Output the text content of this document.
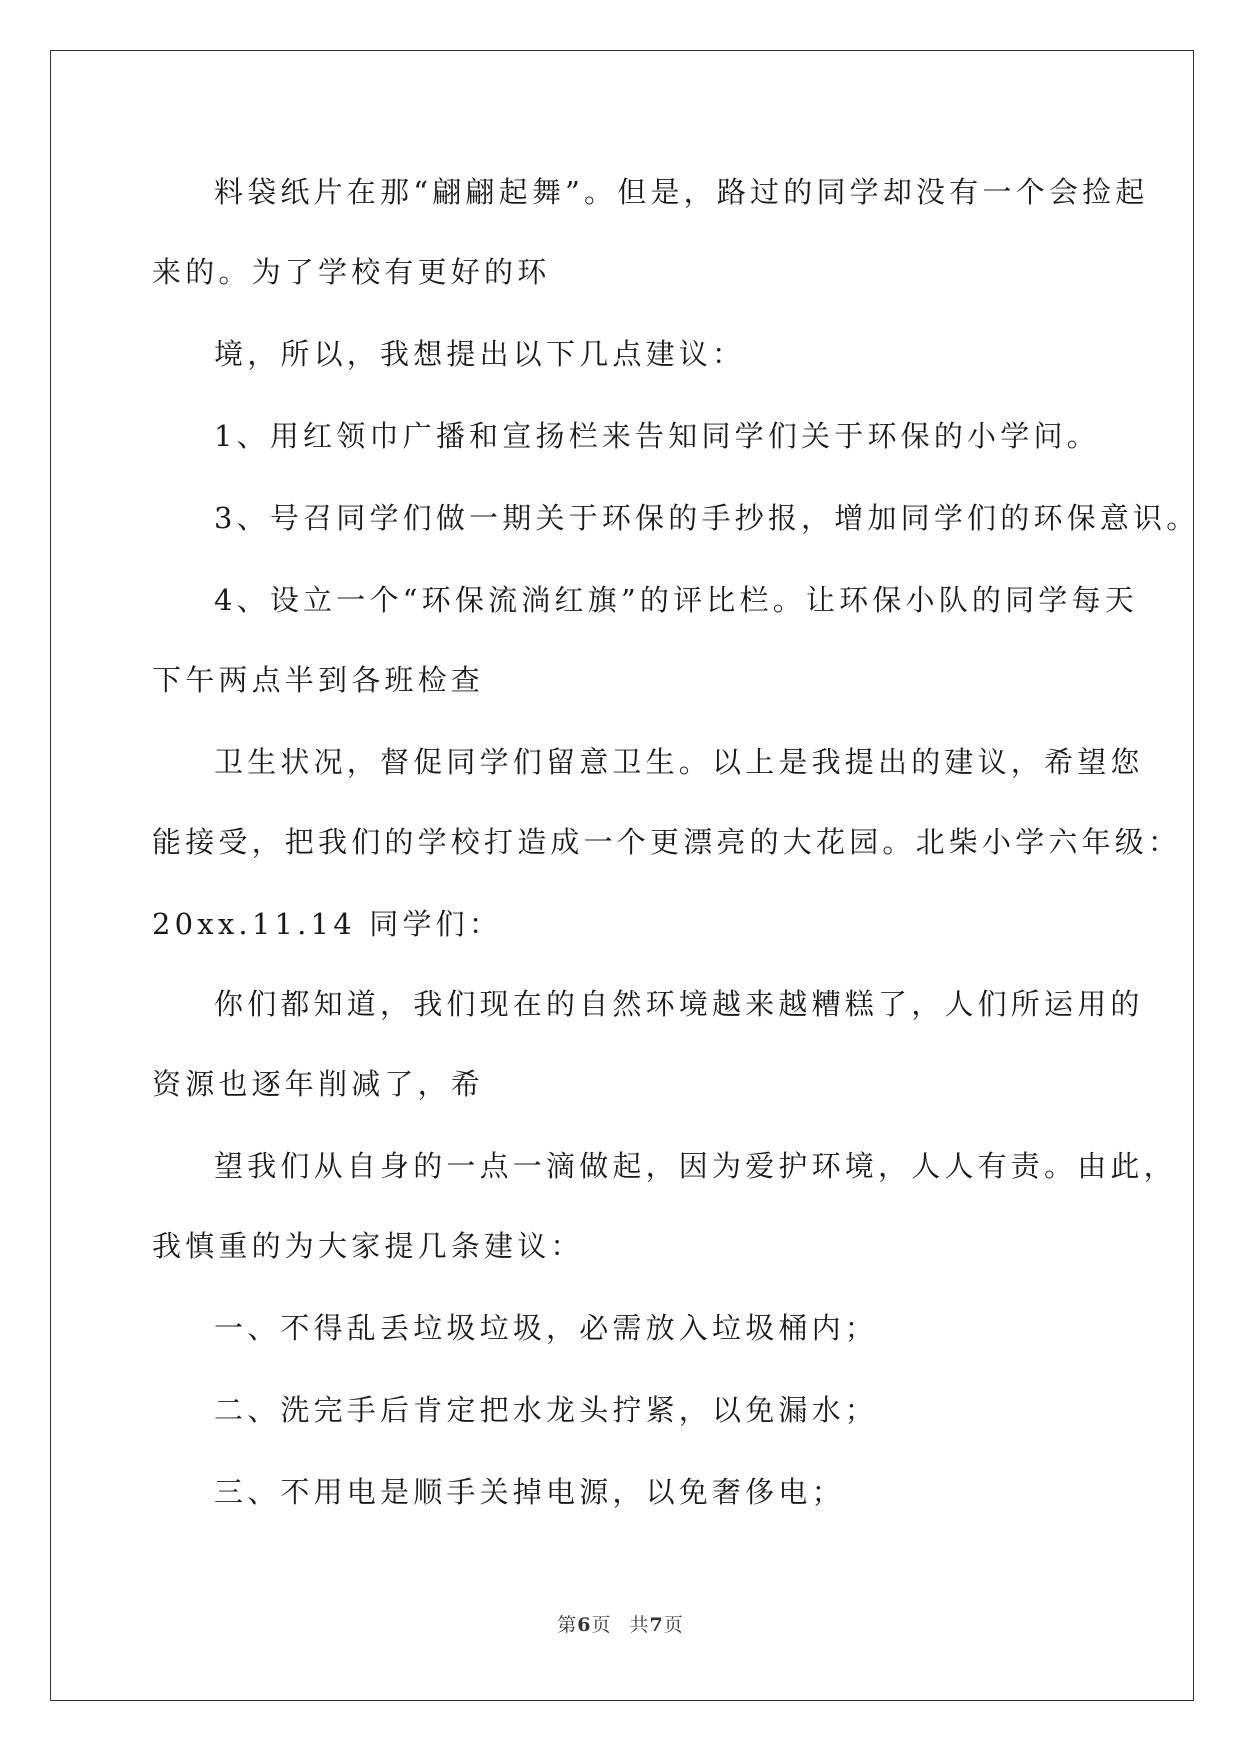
料袋纸片在那“翩翩起舞”。但是，路过的同学却没有一个会捡起
来的。为了学校有更好的环
境，所以，我想提出以下几点建议：
1、用红领巾广播和宣扬栏来告知同学们关于环保的小学问。
3、号召同学们做一期关于环保的手抄报，增加同学们的环保意识。
4、设立一个“环保流淌红旗”的评比栏。让环保小队的同学每天
下午两点半到各班检查
卫生状况，督促同学们留意卫生。以上是我提出的建议，希望您
能接受，把我们的学校打造成一个更漂亮的大花园。北柴小学六年级：
20xx.11.14 同学们：
你们都知道，我们现在的自然环境越来越糟糕了，人们所运用的
资源也逐年削减了，希
望我们从自身的一点一滴做起，因为爱护环境，人人有责。由此，
我慎重的为大家提几条建议：
一、不得乱丢垃圾垃圾，必需放入垃圾桶内；
二、洗完手后肯定把水龙头拧紧，以免漏水；
三、不用电是顺手关掉电源，以免奢侈电；
第6页 共7页
